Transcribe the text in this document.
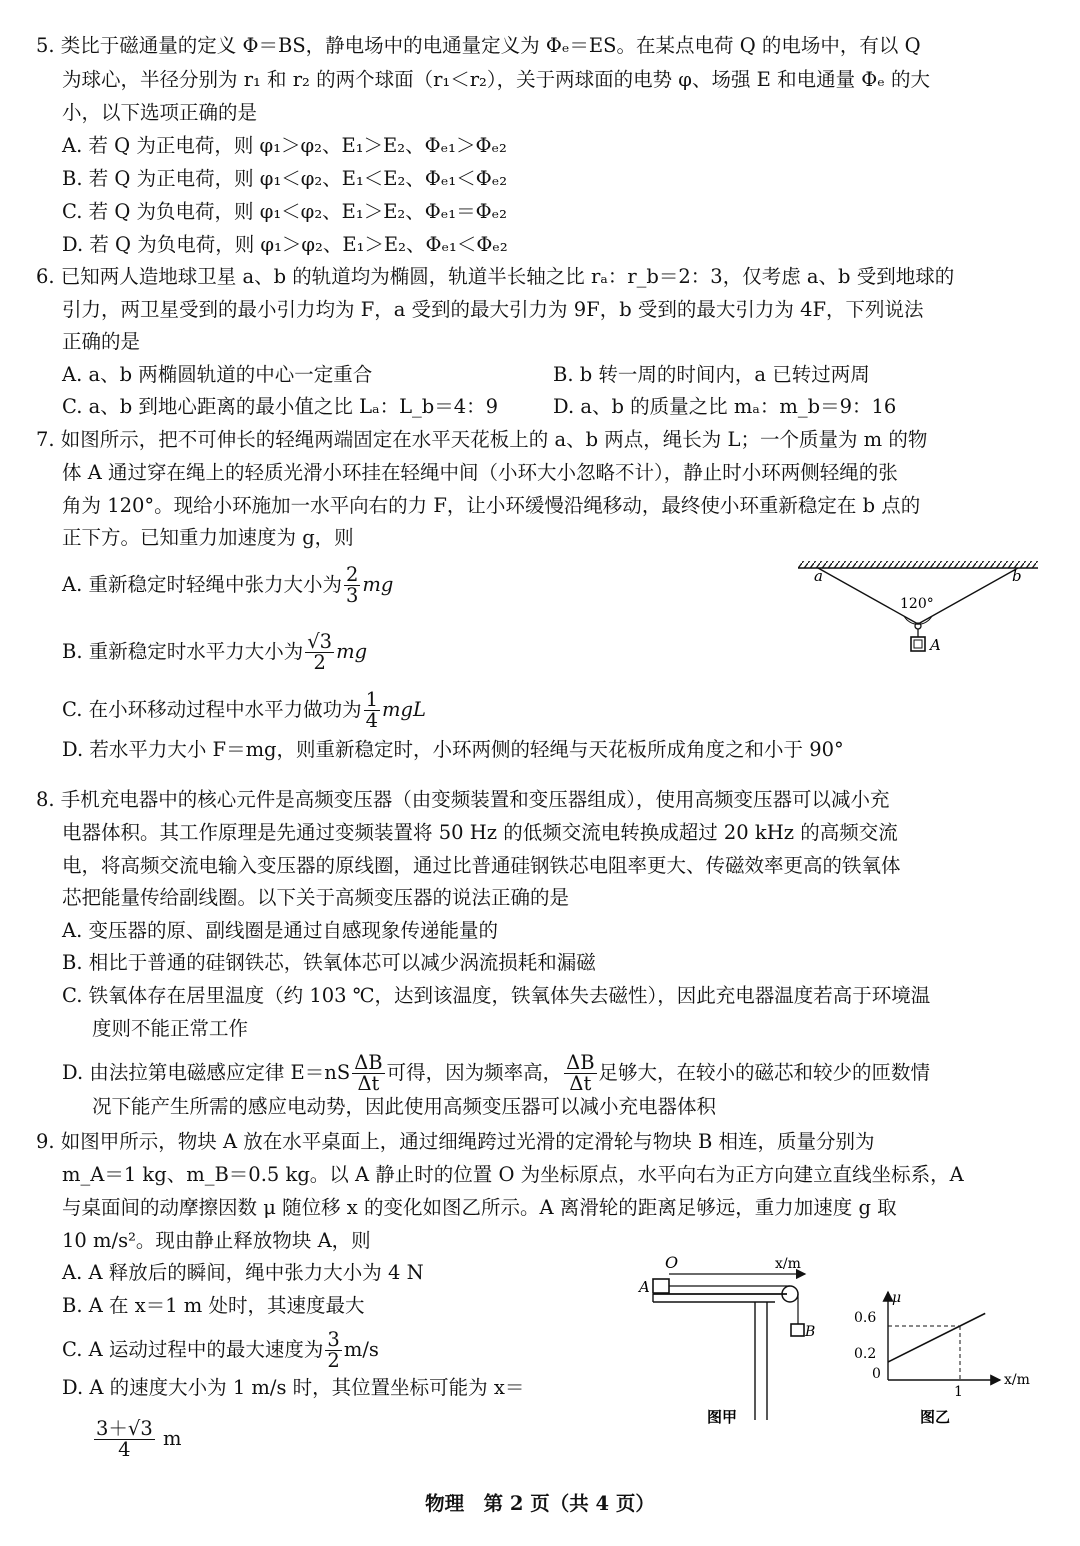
5. 类比于磁通量的定义 Φ＝BS，静电场中的电通量定义为 Φₑ＝ES。在某点电荷 Q 的电场中，有以 Q
为球心，半径分别为 r₁ 和 r₂ 的两个球面（r₁＜r₂），关于两球面的电势 φ、场强 E 和电通量 Φₑ 的大
小，以下选项正确的是
A. 若 Q 为正电荷，则 φ₁＞φ₂、E₁＞E₂、Φₑ₁＞Φₑ₂
B. 若 Q 为正电荷，则 φ₁＜φ₂、E₁＜E₂、Φₑ₁＜Φₑ₂
C. 若 Q 为负电荷，则 φ₁＜φ₂、E₁＞E₂、Φₑ₁＝Φₑ₂
D. 若 Q 为负电荷，则 φ₁＞φ₂、E₁＞E₂、Φₑ₁＜Φₑ₂
6. 已知两人造地球卫星 a、b 的轨道均为椭圆，轨道半长轴之比 rₐ：r_b＝2：3，仅考虑 a、b 受到地球的
引力，两卫星受到的最小引力均为 F，a 受到的最大引力为 9F，b 受到的最大引力为 4F，下列说法
正确的是
A. a、b 两椭圆轨道的中心一定重合	B. b 转一周的时间内，a 已转过两周
C. a、b 到地心距离的最小值之比 Lₐ：L_b＝4：9	D. a、b 的质量之比 mₐ：m_b＝9：16
7. 如图所示，把不可伸长的轻绳两端固定在水平天花板上的 a、b 两点，绳长为 L；一个质量为 m 的物
体 A 通过穿在绳上的轻质光滑小环挂在轻绳中间（小环大小忽略不计），静止时小环两侧轻绳的张
角为 120°。现给小环施加一水平向右的力 F，让小环缓慢沿绳移动，最终使小环重新稳定在 b 点的
正下方。已知重力加速度为 g，则
A. 重新稳定时轻绳中张力大小为 $\frac{2}{3}$ mg
B. 重新稳定时水平力大小为 $\frac{√3}{2}$ mg
C. 在小环移动过程中水平力做功为 $\frac{1}{4}$ mgL
D. 若水平力大小 F＝mg，则重新稳定时，小环两侧的轻绳与天花板所成角度之和小于 90°
a	b
120°
A
8. 手机充电器中的核心元件是高频变压器（由变频装置和变压器组成），使用高频变压器可以减小充
电器体积。其工作原理是先通过变频装置将 50 Hz 的低频交流电转换成超过 20 kHz 的高频交流
电，将高频交流电输入变压器的原线圈，通过比普通硅钢铁芯电阻率更大、传磁效率更高的铁氧体
芯把能量传给副线圈。以下关于高频变压器的说法正确的是
A. 变压器的原、副线圈是通过自感现象传递能量的
B. 相比于普通的硅钢铁芯，铁氧体芯可以减少涡流损耗和漏磁
C. 铁氧体存在居里温度（约 103 ℃，达到该温度，铁氧体失去磁性），因此充电器温度若高于环境温
度则不能正常工作
D. 由法拉第电磁感应定律 $E=nS \frac{\Delta B}{\Delta t}$ 可得，因为频率高， $\frac{\Delta B}{\Delta t}$ 足够大，在较小的磁芯和较少的匝数情
况下能产生所需的感应电动势，因此使用高频变压器可以减小充电器体积
9. 如图甲所示，物块 A 放在水平桌面上，通过细绳跨过光滑的定滑轮与物块 B 相连，质量分别为
m_A＝1 kg、m_B＝0.5 kg。以 A 静止时的位置 O 为坐标原点，水平向右为正方向建立直线坐标系，A
与桌面间的动摩擦因数 μ 随位移 x 的变化如图乙所示。A 离滑轮的距离足够远，重力加速度 g 取
10 m/s²。现由静止释放物块 A，则
A. A 释放后的瞬间，绳中张力大小为 4 N
B. A 在 x＝1 m 处时，其速度最大
C. A 运动过程中的最大速度为 $\frac{3}{2} m/s$
D. A 的速度大小为 1 m/s 时，其位置坐标可能为 x＝
$\frac{3+√3}{4}$ m
O	x/m
A
B
图甲
μ
x/m
0.6
0.2
0
1
图乙
物理　第 2 页（共 4 页）
